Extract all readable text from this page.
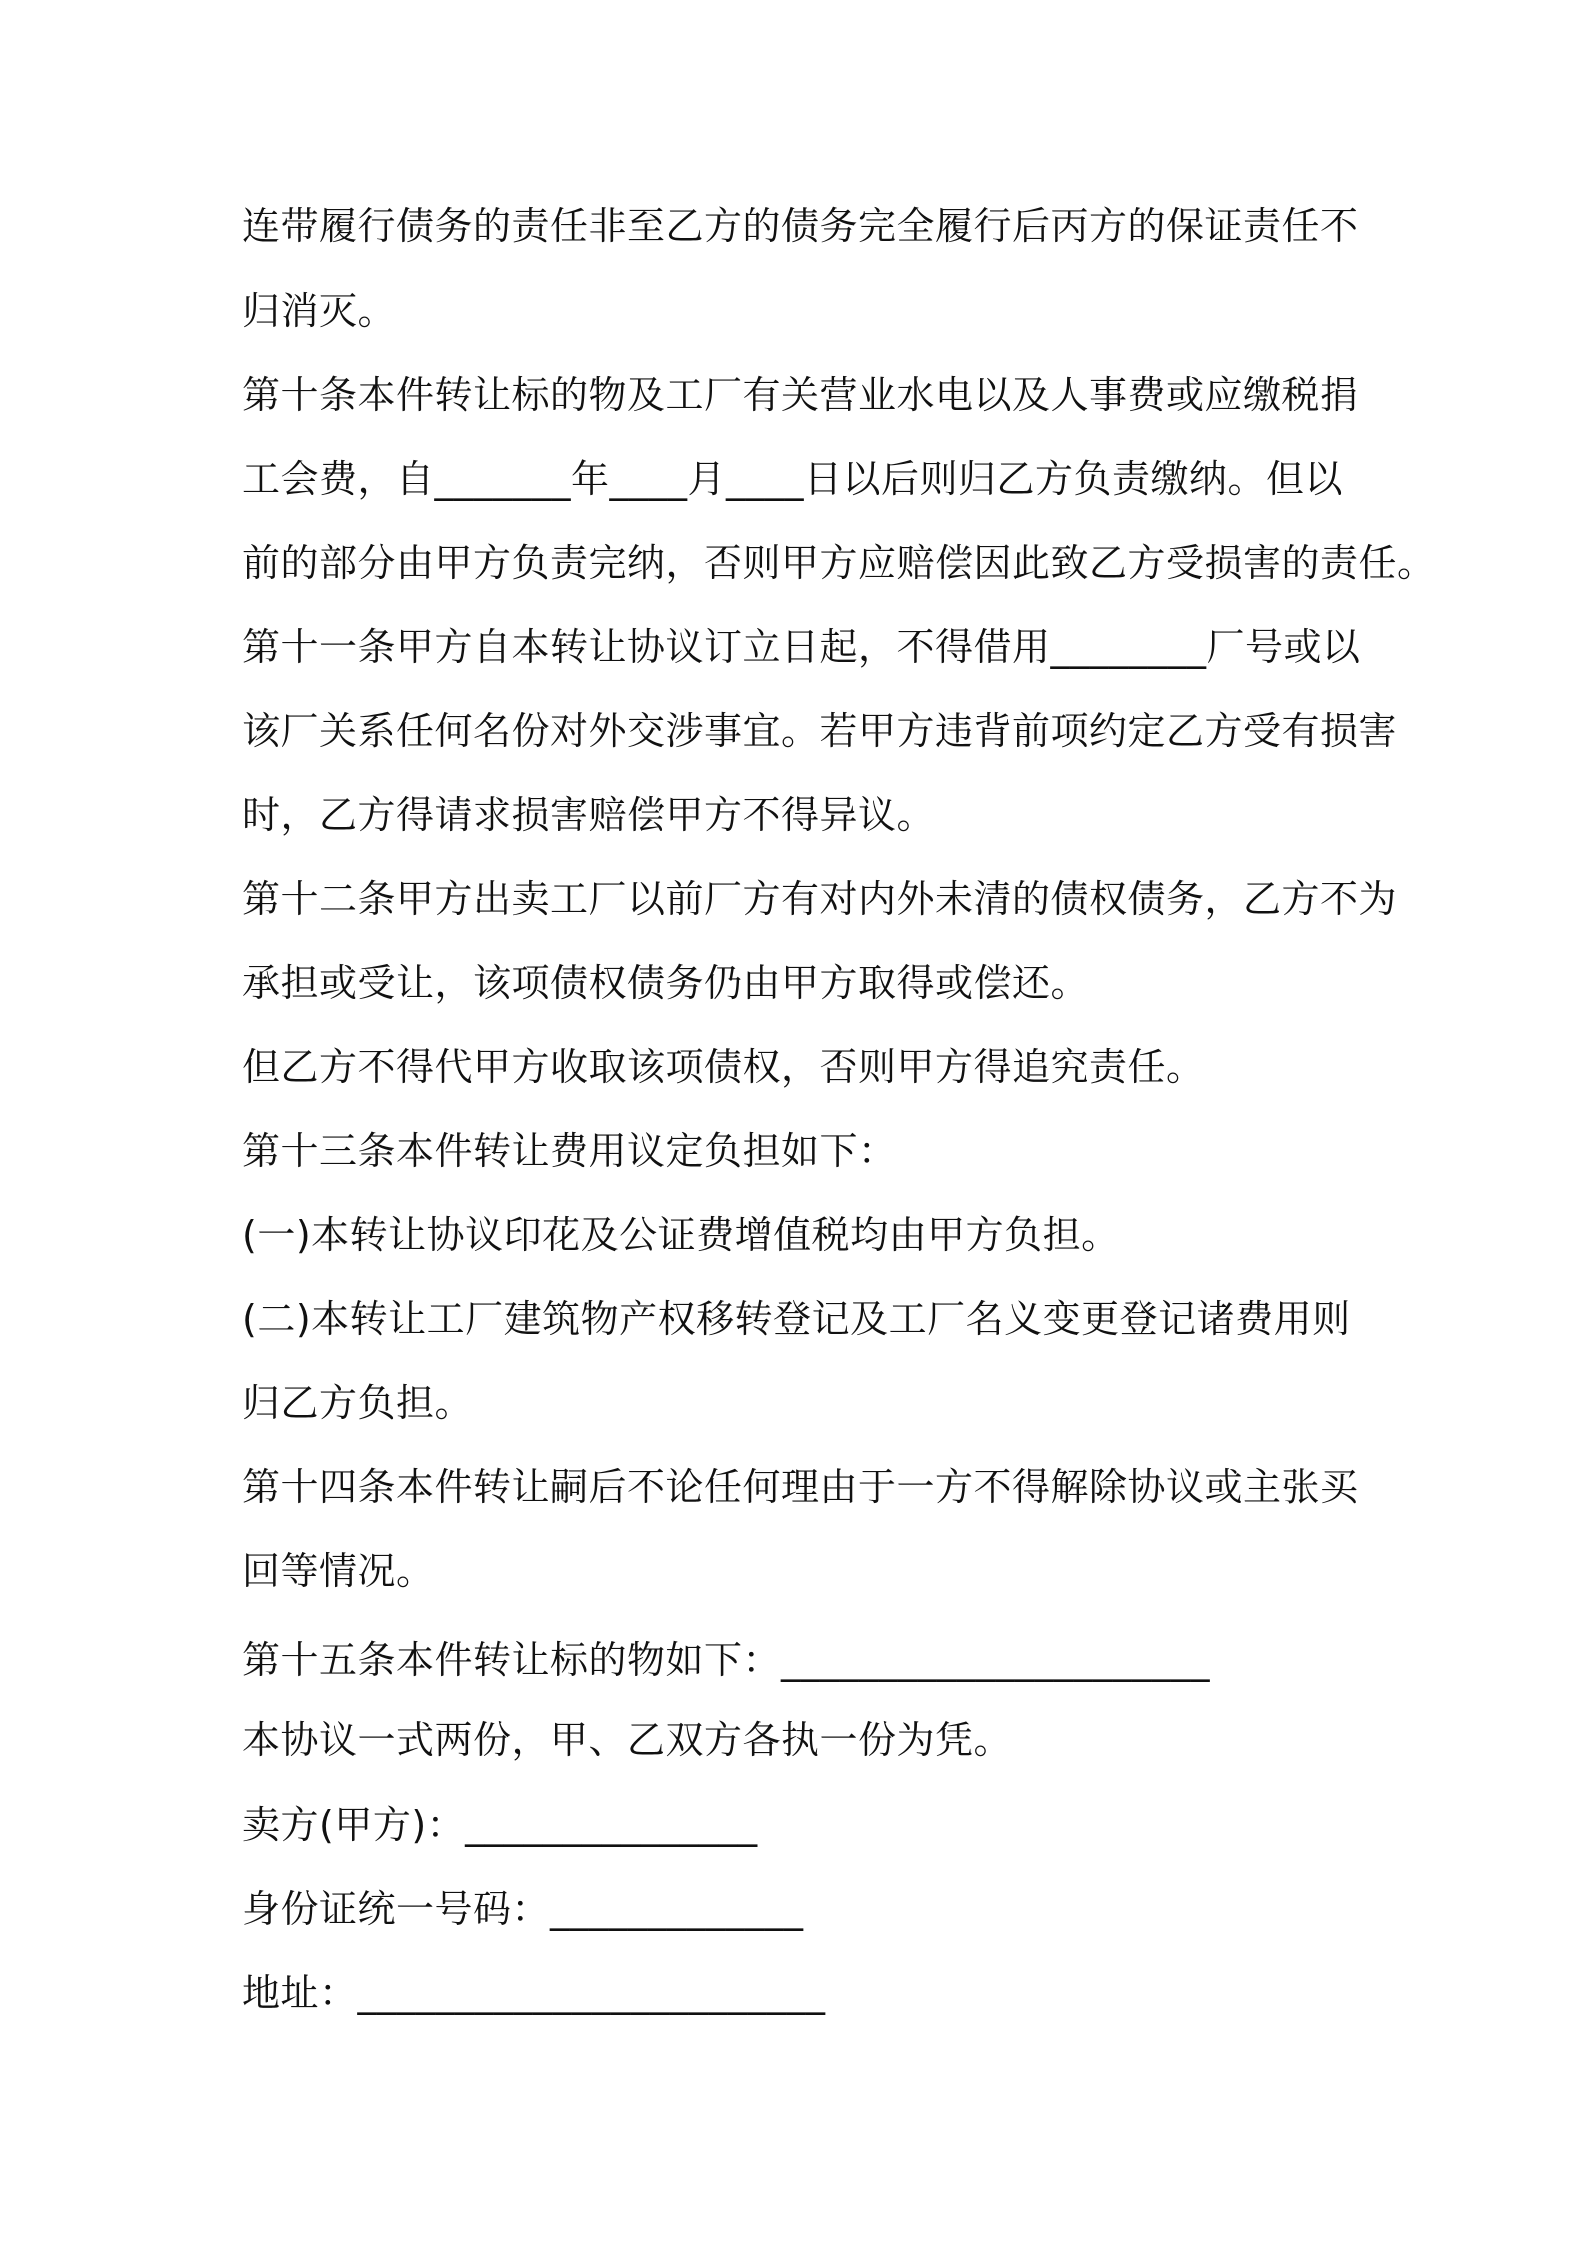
连带履行债务的责任非至乙方的债务完全履行后丙方的保证责任不
归消灭。
第十条本件转让标的物及工厂有关营业水电以及人事费或应缴税捐
工会费，自_______年____月____日以后则归乙方负责缴纳。但以
前的部分由甲方负责完纳，否则甲方应赔偿因此致乙方受损害的责任。
第十一条甲方自本转让协议订立日起，不得借用________厂号或以
该厂关系任何名份对外交涉事宜。若甲方违背前项约定乙方受有损害
时，乙方得请求损害赔偿甲方不得异议。
第十二条甲方出卖工厂以前厂方有对内外未清的债权债务，乙方不为
承担或受让，该项债权债务仍由甲方取得或偿还。
但乙方不得代甲方收取该项债权，否则甲方得追究责任。
第十三条本件转让费用议定负担如下：
(一)本转让协议印花及公证费增值税均由甲方负担。
(二)本转让工厂建筑物产权移转登记及工厂名义变更登记诸费用则
归乙方负担。
第十四条本件转让嗣后不论任何理由于一方不得解除协议或主张买
回等情况。
第十五条本件转让标的物如下：______________________
本协议一式两份，甲、乙双方各执一份为凭。
卖方(甲方)：_______________
身份证统一号码：_____________
地址：________________________
